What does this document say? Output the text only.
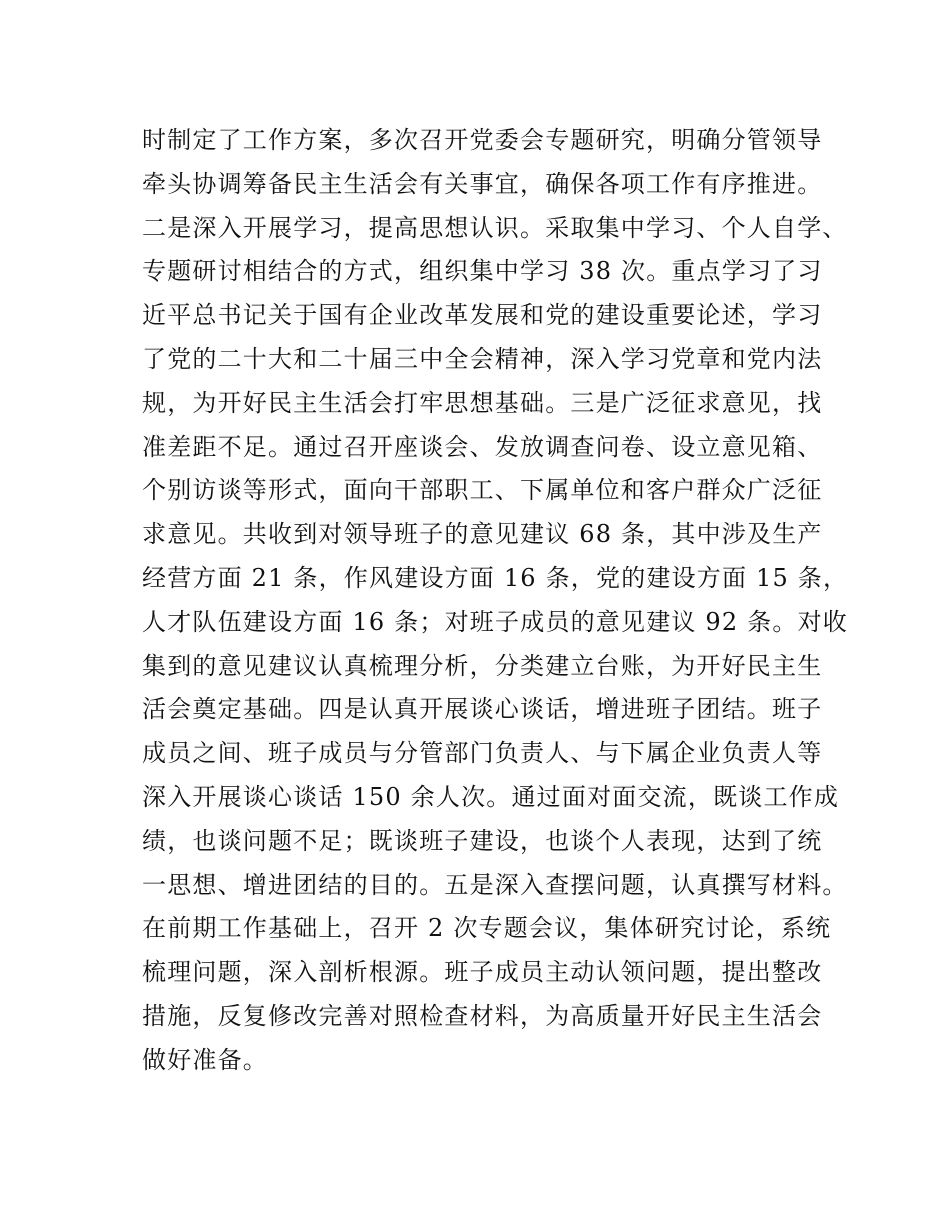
时制定了工作方案，多次召开党委会专题研究，明确分管领导
牵头协调筹备民主生活会有关事宜，确保各项工作有序推进。
二是深入开展学习，提高思想认识。采取集中学习、个人自学、
专题研讨相结合的方式，组织集中学习 38 次。重点学习了习
近平总书记关于国有企业改革发展和党的建设重要论述，学习
了党的二十大和二十届三中全会精神，深入学习党章和党内法
规，为开好民主生活会打牢思想基础。三是广泛征求意见，找
准差距不足。通过召开座谈会、发放调查问卷、设立意见箱、
个别访谈等形式，面向干部职工、下属单位和客户群众广泛征
求意见。共收到对领导班子的意见建议 68 条，其中涉及生产
经营方面 21 条，作风建设方面 16 条，党的建设方面 15 条，
人才队伍建设方面 16 条；对班子成员的意见建议 92 条。对收
集到的意见建议认真梳理分析，分类建立台账，为开好民主生
活会奠定基础。四是认真开展谈心谈话，增进班子团结。班子
成员之间、班子成员与分管部门负责人、与下属企业负责人等
深入开展谈心谈话 150 余人次。通过面对面交流，既谈工作成
绩，也谈问题不足；既谈班子建设，也谈个人表现，达到了统
一思想、增进团结的目的。五是深入查摆问题，认真撰写材料。
在前期工作基础上，召开 2 次专题会议，集体研究讨论，系统
梳理问题，深入剖析根源。班子成员主动认领问题，提出整改
措施，反复修改完善对照检查材料，为高质量开好民主生活会
做好准备。
